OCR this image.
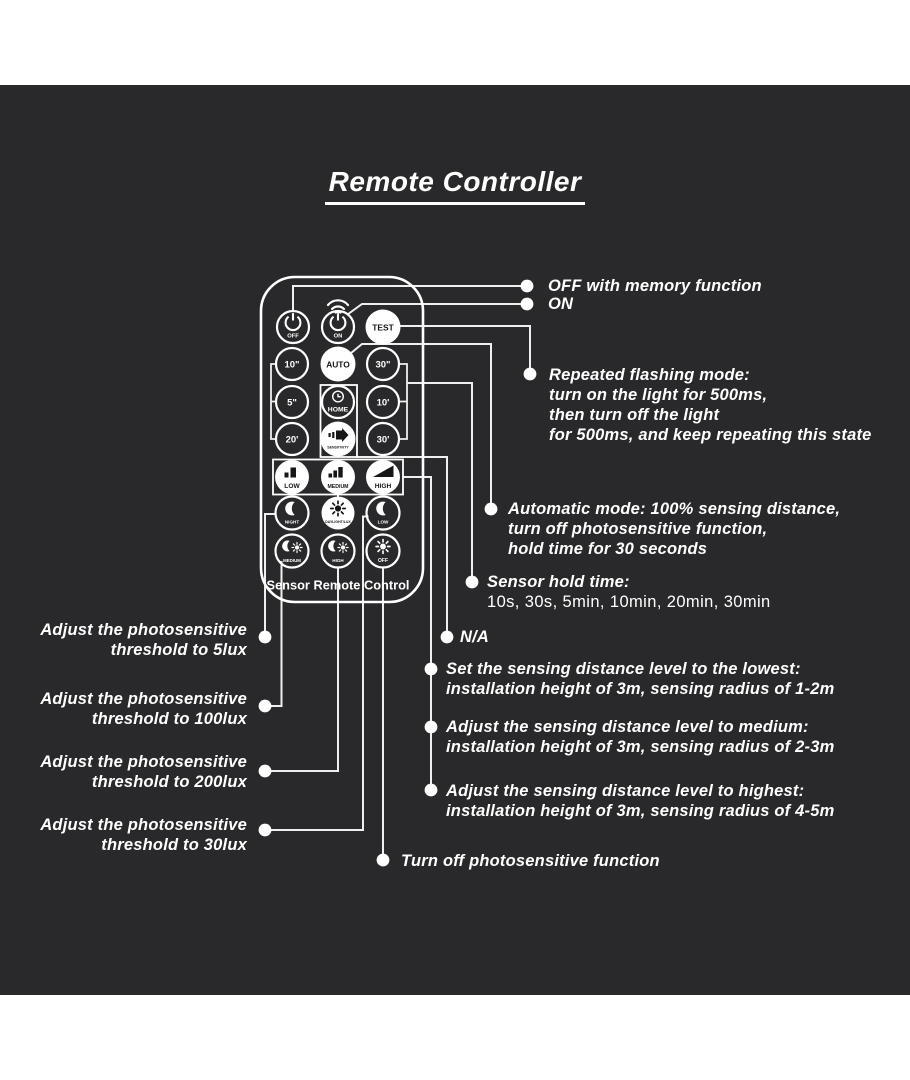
Remote Controller
OFF	ON
TEST
10"	AUTO	30"
5"
HOME
10'
20'
SENSITIVITY
30'
LOW	MEDIUM	HIGH
NIGHT	DAYLIGHT/LUX	LOW
MEDIUM	HIGH	OFF
Sensor Remote Control
OFF with memory function
ON
Repeated flashing mode:
turn on the light for 500ms,
then turn off the light
for 500ms, and keep repeating this state
Automatic mode: 100% sensing distance,
turn off photosensitive function,
hold time for 30 seconds
Sensor hold time:
10s, 30s, 5min, 10min, 20min, 30min
N/A
Set the sensing distance level to the lowest:
installation height of 3m, sensing radius of 1-2m
Adjust the sensing distance level to medium:
installation height of 3m, sensing radius of 2-3m
Adjust the sensing distance level to highest:
installation height of 3m, sensing radius of 4-5m
Turn off photosensitive function
Adjust the photosensitive
threshold to 5lux
Adjust the photosensitive
threshold to 100lux
Adjust the photosensitive
threshold to 200lux
Adjust the photosensitive
threshold to 30lux
